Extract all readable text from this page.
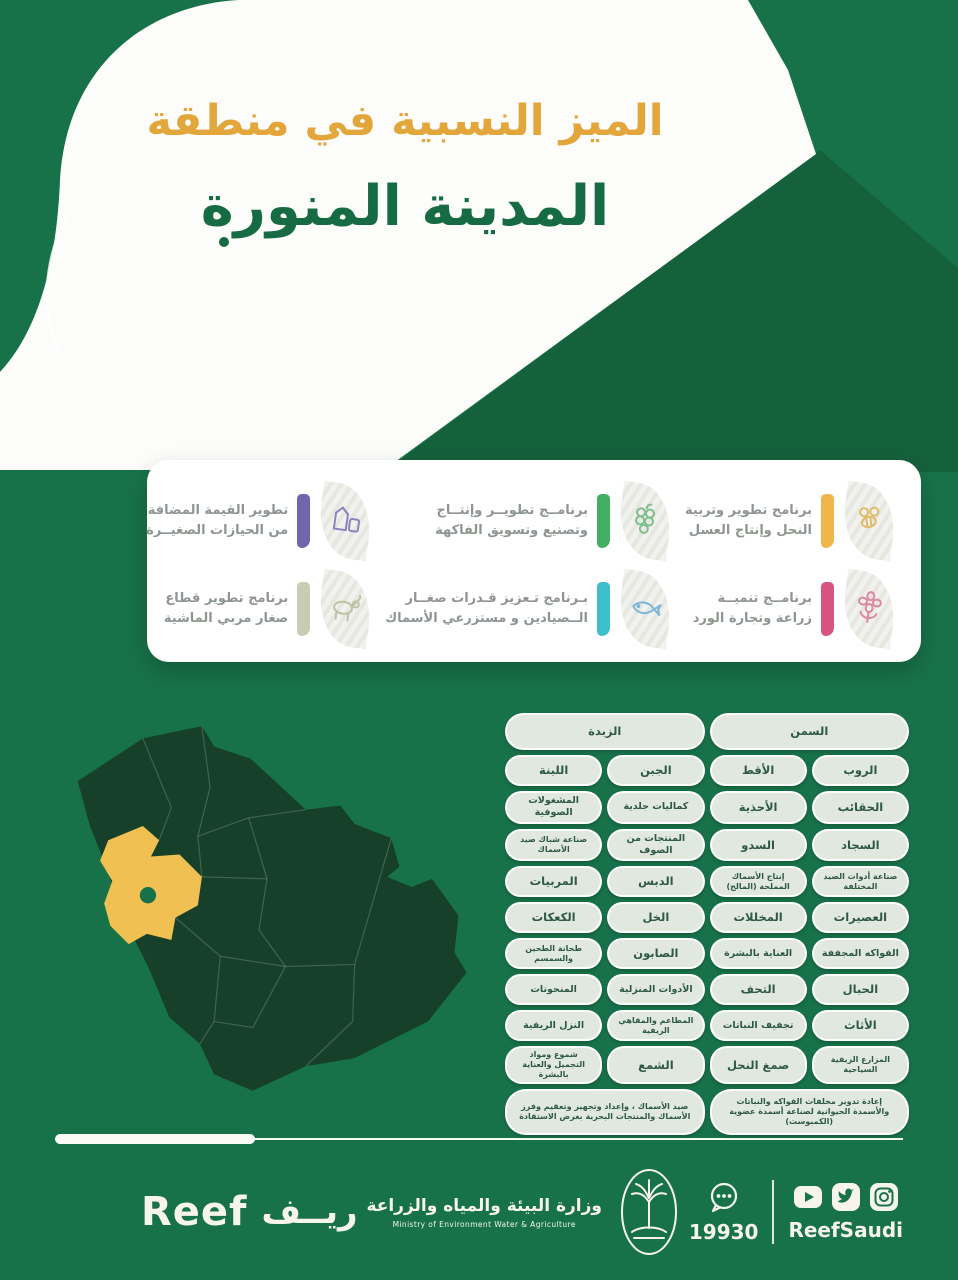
الميز النسبية في منطقة
المدينة المنورة
برنامج تطوير وتربية
النحل وإنتاج العسل
برنامــج تطويــر وإنتــاج
وتصنيع وتسويق الفاكهة
تطوير القيمة المضافة
من الحيازات الصغيــرة
برنامــج تنميــة
زراعة وتجارة الورد
بـرنامج تـعزيز قـدرات صغــار
الــصيادين و مستزرعي الأسماك
برنامج تطوير قطاع
صغار مربي الماشية
السمن
الزبدة
الروب
الأقط
الجبن
اللبنة
الحقائب
الأحذية
كماليات جلدية
المشغولات الصوفية
السجاد
السدو
المنتجات من الصوف
صناعة شباك صيد الأسماك
صناعة أدوات الصيد المختلفة
إنتاج الأسماك المملحة (المالح)
الدبس
المربيات
العصيرات
المخللات
الخل
الكعكات
الفواكه المجففة
العناية بالبشرة
الصابون
طحانة الطحين والسمسم
الحبال
التحف
الأدوات المنزلية
المنحوتات
الأثاث
تجفيف النباتات
المطاعم والمقاهي الريفية
النزل الريفية
المزارع الريفية السياحية
صمغ النحل
الشمع
شموع ومواد التجميل والعناية بالبشرة
إعادة تدوير مخلفات الفواكه والنباتات والأسمدة الحيوانية لصناعة أسمدة عضوية (الكمبوست)
صيد الأسماك ، وإعداد وتجهيز وتعقيم وفرز الأسماك والمنتجات البحرية بغرض الاستفادة
Reef ريــف وزارة البيئة والمياه والزراعة
Ministry of Environment Water & Agriculture	19930 ReefSaudi
